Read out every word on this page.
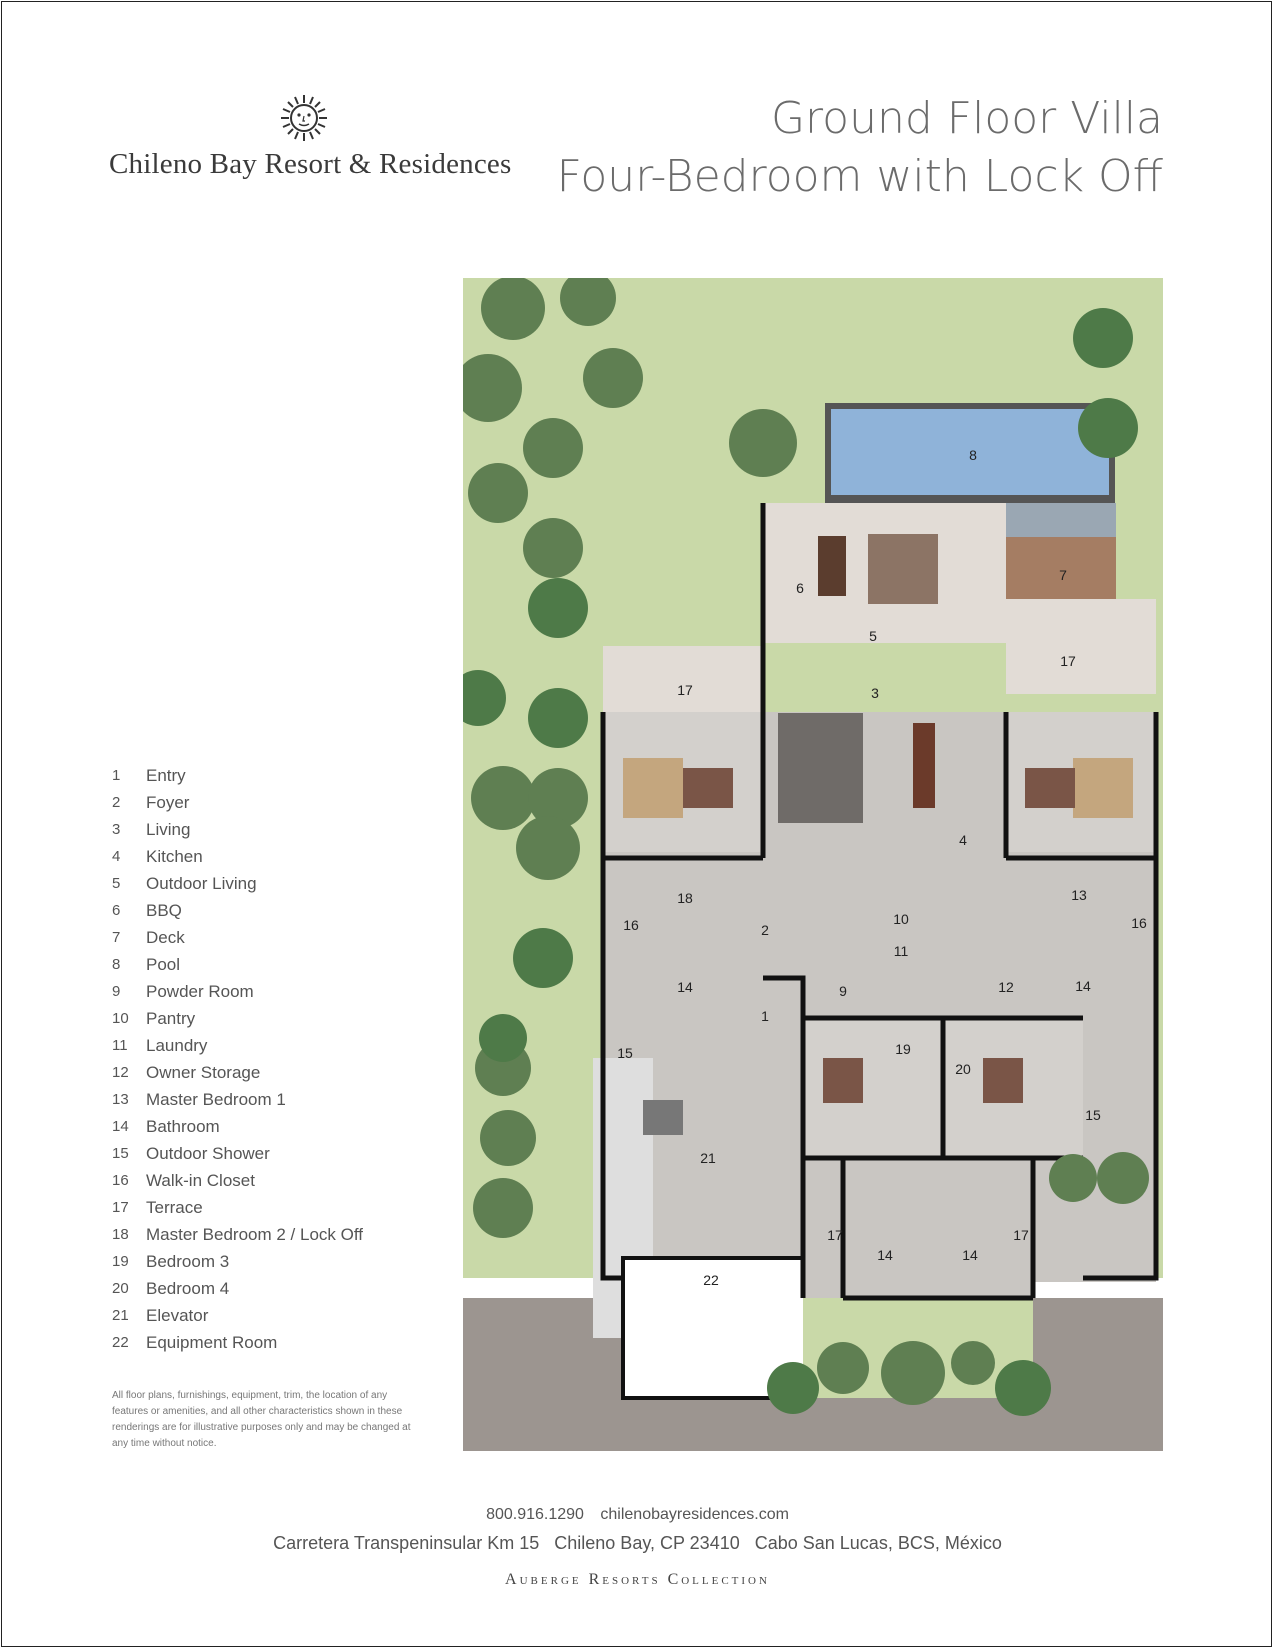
Chileno Bay Resort & Residences
Ground Floor Villa
Four-Bedroom with Lock Off
1	Entry
2	Foyer
3	Living
4	Kitchen
5	Outdoor Living
6	BBQ
7	Deck
8	Pool
9	Powder Room
10	Pantry
11	Laundry
12	Owner Storage
13	Master Bedroom 1
14	Bathroom
15	Outdoor Shower
16	Walk-in Closet
17	Terrace
18	Master Bedroom 2 / Lock Off
19	Bedroom 3
20	Bedroom 4
21	Elevator
22	Equipment Room
All floor plans, furnishings, equipment, trim, the location of any features or amenities, and all other characteristics shown in these renderings are for illustrative purposes only and may be changed at any time without notice.
1
2
3
4
5
6
7
8
9
10
11
12
13
14	14
14	14
15
15
16	16
17
17
17	17
18
19
20
21
22
800.916.1290 chilenobayresidences.com
Carretera Transpeninsular Km 15   Chileno Bay, CP 23410   Cabo San Lucas, BCS, México
Auberge Resorts Collection
